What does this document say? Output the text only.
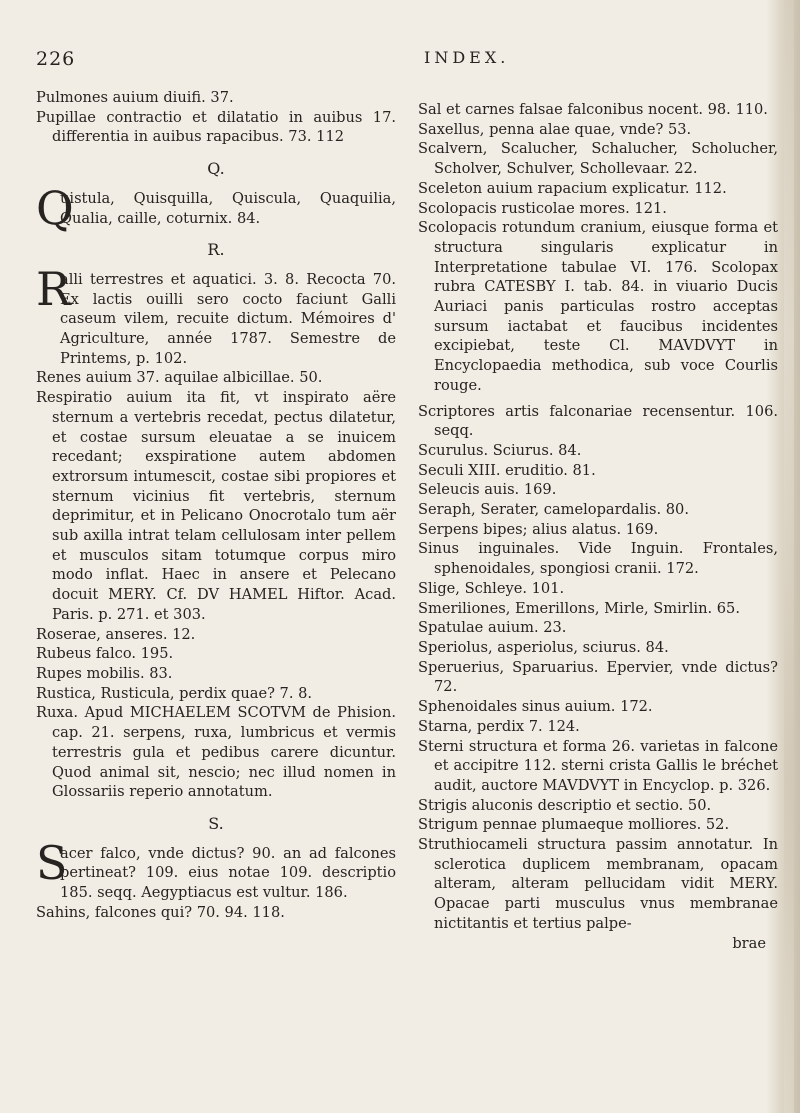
226	INDEX.

Pulmones auium diuifi. 37.

Pupillae contractio et dilatatio in auibus 17. differentia in auibus rapacibus. 73. 112

Q.

Q
uistula, Quisquilla, Quiscula, Quaquilia, Qualia, caille, coturnix. 84.

R.

R
alli terrestres et aquatici. 3. 8. Recocta 70. Ex lactis ouilli sero cocto faciunt Galli caseum vilem, recuite dictum. Mémoires d' Agriculture, année 1787. Semestre de Printems, p. 102.

Renes auium 37. aquilae albicillae. 50.

Respiratio auium ita fit, vt inspirato aëre sternum a vertebris recedat, pectus dilatetur, et costae sursum eleuatae a se inuicem recedant; exspiratione autem abdomen extrorsum intumescit, costae sibi propiores et sternum vicinius fit vertebris, sternum deprimitur, et in Pelicano Onocrotalo tum aër sub axilla intrat telam cellulosam inter pellem et musculos sitam totumque corpus miro modo inflat. Haec in ansere et Pelecano docuit MERY. Cf. DV HAMEL Hiftor. Acad. Paris. p. 271. et 303.

Roserae, anseres. 12.

Rubeus falco. 195.

Rupes mobilis. 83.

Rustica, Rusticula, perdix quae? 7. 8.

Ruxa. Apud MICHAELEM SCOTVM de Phision. cap. 21. serpens, ruxa, lumbricus et vermis terrestris gula et pedibus carere dicuntur. Quod animal sit, nescio; nec illud nomen in Glossariis reperio annotatum.

S.

S
acer falco, vnde dictus? 90. an ad falcones pertineat? 109. eius notae 109. descriptio 185. seqq. Aegyptiacus est vultur. 186.

Sahins, falcones qui? 70. 94. 118.

Sal et carnes falsae falconibus nocent. 98. 110.

Saxellus, penna alae quae, vnde? 53.

Scalvern, Scalucher, Schalucher, Scholucher, Scholver, Schulver, Schollevaar. 22.

Sceleton auium rapacium explicatur. 112.

Scolopacis rusticolae mores. 121.

Scolopacis rotundum cranium, eiusque forma et structura singularis explicatur in Interpretatione tabulae VI. 176. Scolopax rubra CATESBY I. tab. 84. in viuario Ducis Auriaci panis particulas rostro acceptas sursum iactabat et faucibus incidentes excipiebat, teste Cl. MAVDVYT in Encyclopaedia methodica, sub voce Courlis rouge.

Scriptores artis falconariae recensentur. 106. seqq.

Scurulus. Sciurus. 84.

Seculi XIII. eruditio. 81.

Seleucis auis. 169.

Seraph, Serater, camelopardalis. 80.

Serpens bipes; alius alatus. 169.

Sinus inguinales. Vide Inguin. Frontales, sphenoidales, spongiosi cranii. 172.

Slige, Schleye. 101.

Smeriliones, Emerillons, Mirle, Smirlin. 65.

Spatulae auium. 23.

Speriolus, asperiolus, sciurus. 84.

Speruerius, Sparuarius. Epervier, vnde dictus? 72.

Sphenoidales sinus auium. 172.

Starna, perdix 7. 124.

Sterni structura et forma 26. varietas in falcone et accipitre 112. sterni crista Gallis le bréchet audit, auctore MAVDVYT in Encyclop. p. 326.

Strigis aluconis descriptio et sectio. 50.

Strigum pennae plumaeque molliores. 52.

Struthiocameli structura passim annotatur. In sclerotica duplicem membranam, opacam alteram, alteram pellucidam vidit MERY. Opacae parti musculus vnus membranae nictitantis et tertius palpe-

brae
